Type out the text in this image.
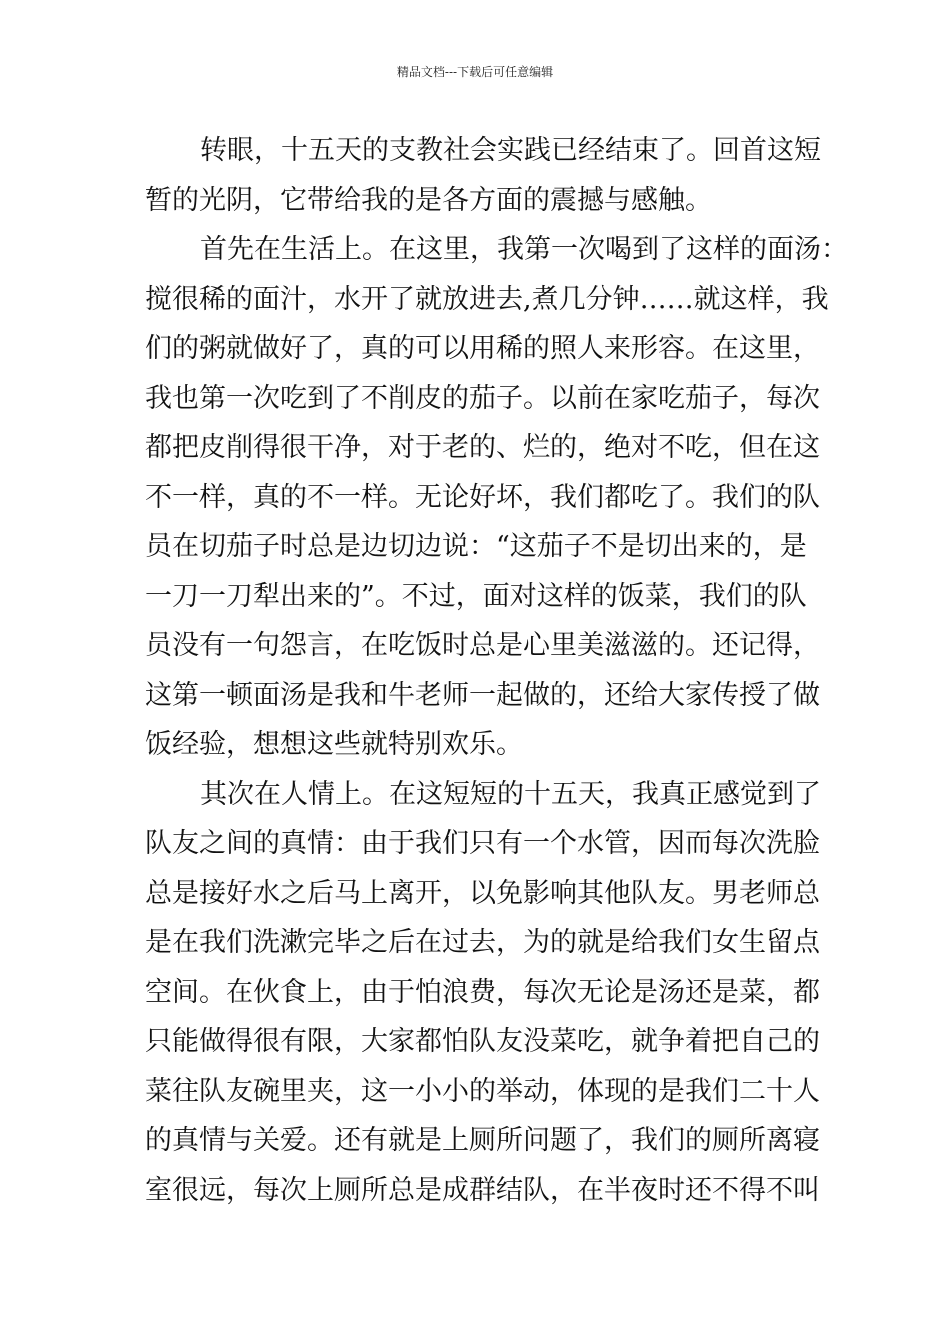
精品文档---下载后可任意编辑
转眼，十五天的支教社会实践已经结束了。回首这短
暂的光阴，它带给我的是各方面的震撼与感触。
首先在生活上。在这里，我第一次喝到了这样的面汤：
搅很稀的面汁，水开了就放进去,煮几分钟……就这样，我
们的粥就做好了，真的可以用稀的照人来形容。在这里，
我也第一次吃到了不削皮的茄子。以前在家吃茄子，每次
都把皮削得很干净，对于老的、烂的，绝对不吃，但在这
不一样，真的不一样。无论好坏，我们都吃了。我们的队
员在切茄子时总是边切边说：“这茄子不是切出来的，是
一刀一刀犁出来的”。不过，面对这样的饭菜，我们的队
员没有一句怨言，在吃饭时总是心里美滋滋的。还记得，
这第一顿面汤是我和牛老师一起做的，还给大家传授了做
饭经验，想想这些就特别欢乐。
其次在人情上。在这短短的十五天，我真正感觉到了
队友之间的真情：由于我们只有一个水管，因而每次洗脸
总是接好水之后马上离开，以免影响其他队友。男老师总
是在我们洗漱完毕之后在过去，为的就是给我们女生留点
空间。在伙食上，由于怕浪费，每次无论是汤还是菜，都
只能做得很有限，大家都怕队友没菜吃，就争着把自己的
菜往队友碗里夹，这一小小的举动，体现的是我们二十人
的真情与关爱。还有就是上厕所问题了，我们的厕所离寝
室很远，每次上厕所总是成群结队，在半夜时还不得不叫
